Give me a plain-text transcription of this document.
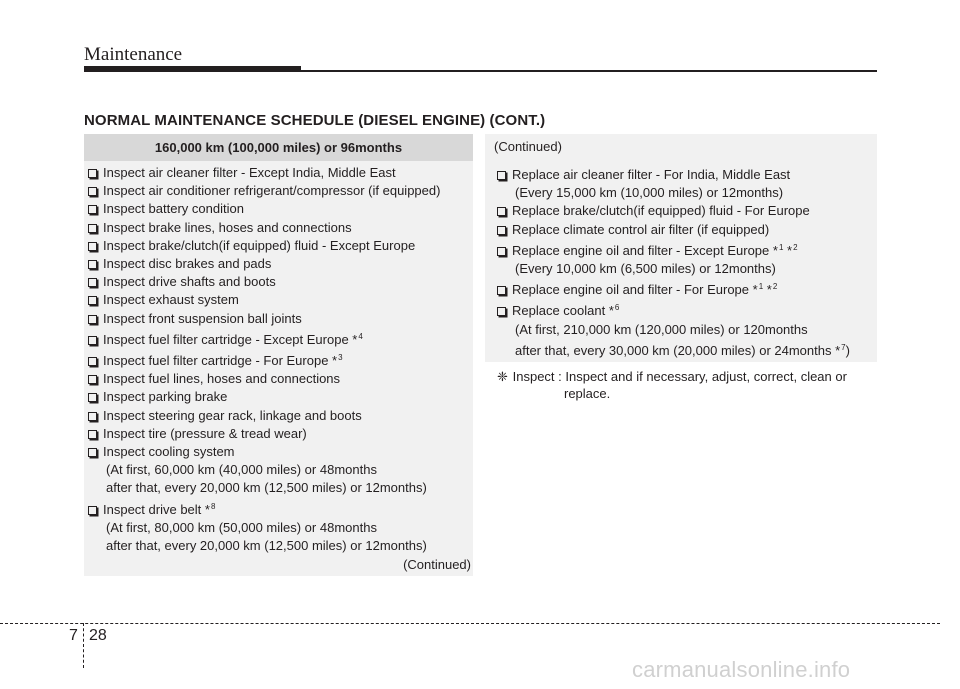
Maintenance
NORMAL MAINTENANCE SCHEDULE (DIESEL ENGINE) (CONT.)
160,000 km (100,000 miles) or 96months
Inspect air cleaner filter - Except India, Middle East
Inspect air conditioner refrigerant/compressor (if equipped)
Inspect battery condition
Inspect brake lines, hoses and connections
Inspect brake/clutch(if equipped) fluid - Except Europe
Inspect disc brakes and pads
Inspect drive shafts and boots
Inspect exhaust system
Inspect front suspension ball joints
Inspect fuel filter cartridge - Except Europe *$^4$
Inspect fuel filter cartridge - For Europe *$^3$
Inspect fuel lines, hoses and connections
Inspect parking brake
Inspect steering gear rack, linkage and boots
Inspect tire (pressure & tread wear)
Inspect cooling system
(At first, 60,000 km (40,000 miles) or 48months
after that, every 20,000 km (12,500 miles) or 12months)
Inspect drive belt *$^8$
(At first, 80,000 km (50,000 miles) or 48months
after that, every 20,000 km (12,500 miles) or 12months)
(Continued)
(Continued)
Replace air cleaner filter - For India, Middle East
(Every 15,000 km (10,000 miles) or 12months)
Replace brake/clutch(if equipped) fluid - For Europe
Replace climate control air filter (if equipped)
Replace engine oil and filter - Except Europe *$^1$ *$^2$
(Every 10,000 km (6,500 miles) or 12months)
Replace engine oil and filter - For Europe *$^1$ *$^2$
Replace coolant *$^6$
(At first, 210,000 km (120,000 miles) or 120months
after that, every 30,000 km (20,000 miles) or 24months *$^7$)
❈ Inspect : Inspect and if necessary, adjust, correct, clean or
replace.
7 28
carmanualsonline.info
